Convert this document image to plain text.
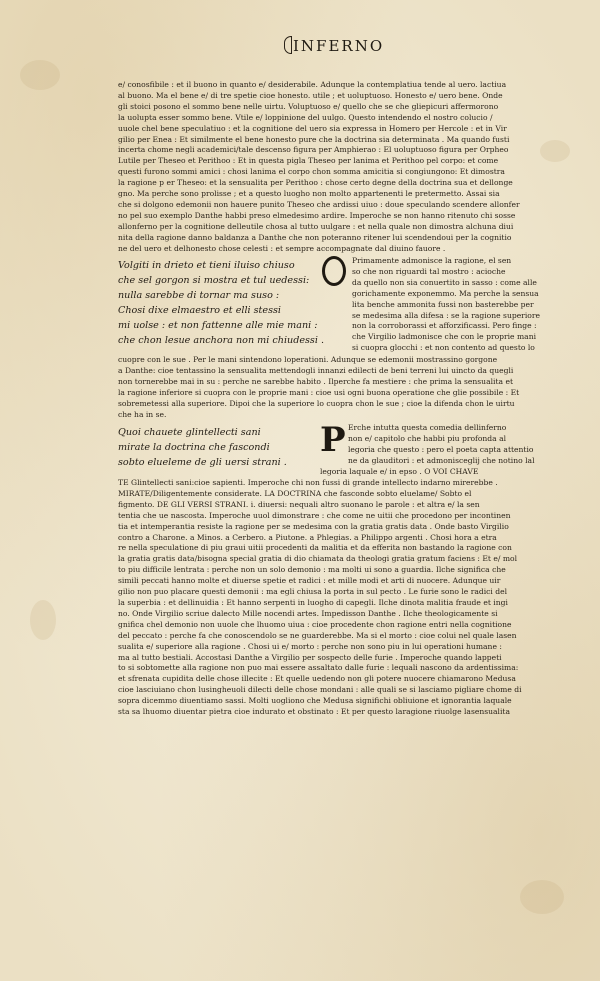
INFERNO
e/ conosfibile : et il buono in quanto e/ desiderabile. Adunque la contemplatiua tende al uero. lactiua
al buono. Ma el bene e/ di tre spetie cioe honesto. utile ; et uoluptuoso. Honesto e/ uero bene. Onde
gli stoici posono el sommo bene nelle uirtu. Voluptuoso e/ quello che se che gliepicuri affermorono
la uolupta esser sommo bene. Vtile e/ loppinione del uulgo. Questo intendendo el nostro colucio /
uuole chel bene speculatiuo : et la cognitione del uero sia expressa in Homero per Hercole : et in Vir
gilio per Enea : Et similmente el bene honesto pure che la doctrina sia determinata . Ma quando fusti
incerta chome negli academici/tale descenso figura per Amphierao : El uoluptuoso figura per Orpheo
Lutile per Theseo et Perithoo : Et in questa pigla Theseo per lanima et Perithoo pel corpo: et come
questi furono sommi amici : chosi lanima el corpo chon somma amicitia si congiungono: Et dimostra
la ragione p er Theseo: et la sensualita per Perithoo : chose certo degne della doctrina sua et dellonge
gno. Ma perche sono prolisse ; et a questo luogho non molto appartenenti le pretermetto. Assai sia
che si dolgono edemonii non hauere punito Theseo che ardissi uiuo : doue speculando scendere allonfer
no pel suo exemplo Danthe habbi preso elmedesimo ardire. Imperoche se non hanno ritenuto chi sosse
allonferno per la cognitione delleutile chosa al tutto uulgare : et nella quale non dimostra alchuna diui
nita della ragione danno baldanza a Danthe che non poteranno ritener lui scendendoui per la cognitio
ne del uero et delhonesto chose celesti : et sempre accompagnate dal diuino fauore .
Volgiti in drieto et tieni iluiso chiuso
che sel gorgon si mostra et tul uedessi:
nulla sarebbe di tornar ma suso :
Chosi dixe elmaestro et elli stessi
mi uolse : et non fattenne alle mie mani :
che chon lesue anchora non mi chiudessi .
Primamente admonisce la ragione, el sen
so che non riguardi tal mostro : acioche
da quello non sia conuertito in sasso : come alle
gorichamente exponemmo. Ma perche la sensua
lita benche ammonita fussi non basterebbe per
se medesima alla difesa : se la ragione superiore
non la corroborassi et afforzificassi. Pero finge :
che Virgilio ladmonisce che con le proprie mani
si cuopra glocchi : et non contento ad questo lo
cuopre con le sue . Per le mani sintendono loperationi. Adunque se edemonii mostrassino gorgone
a Danthe: cioe tentassino la sensualita mettendogli innanzi edilecti de beni terreni lui uincto da quegli
non tornerebbe mai in su : perche ne sarebbe habito . Ilperche fa mestiere : che prima la sensualita et
la ragione inferiore si cuopra con le proprie mani : cioe usi ogni buona operatione che glie possibile : Et
sobremetessi alla superiore. Dipoi che la superiore lo cuopra chon le sue ; cioe la difenda chon le uirtu
che ha in se.
Quoi chauete glintellecti sani
mirate la doctrina che fascondi
sobto elueleme de gli uersi strani .
P Erche intutta questa comedia dellinferno
non e/ capitolo che habbi piu profonda al
legoria che questo : pero el poeta capta attentio
ne da glauditori : et admonisceglij che notino lal
legoria laquale e/ in epso . O VOI CHAVE
TE Glintellecti sani:cioe sapienti. Imperoche chi non fussi di grande intellecto indarno mirerebbe .
MIRATE/Diligentemente considerate. LA DOCTRINA che fasconde sobto eluelame/ Sobto el
figmento. DE GLI VERSI STRANI. i. diuersi: nequali altro suonano le parole : et altra e/ la sen
tentia che ue nascosta. Imperoche uuol dimonstrare : che come ne uitii che procedono per incontinen
tia et intemperantia resiste la ragione per se medesima con la gratia gratis data . Onde basto Virgilio
contro a Charone. a Minos. a Cerbero. a Piutone. a Phlegias. a Philippo argenti . Chosi hora a etra
re nella speculatione di piu graui uitii procedenti da malitia et da efferita non bastando la ragione con
la gratia gratis data/bisogna special gratia di dio chiamata da theologi gratia gratum faciens : Et e/ mol
to piu difficile lentrata : perche non un solo demonio : ma molti ui sono a guardia. Ilche significa che
simili peccati hanno molte et diuerse spetie et radici : et mille modi et arti di nuocere. Adunque uir
gilio non puo placare questi demonii : ma egli chiusa la porta in sul pecto . Le furie sono le radici del
la superbia : et dellinuidia : Et hanno serpenti in luogho di capegli. Ilche dinota malitia fraude et ingi
no. Onde Virgilio scriue dalecto Mille nocendi artes. Impedisson Danthe . Ilche theologicamente si
gnifica chel demonio non uuole che lhuomo uiua : cioe procedente chon ragione entri nella cognitione
del peccato : perche fa che conoscendolo se ne guarderebbe. Ma si el morto : cioe colui nel quale lasen
sualita e/ superiore alla ragione . Chosi ui e/ morto : perche non sono piu in lui operationi humane :
ma al tutto bestiali. Accostasi Danthe a Virgilio per sospecto delle furie . Imperoche quando lappeti
to si sobtomette alla ragione non puo mai essere assaltato dalle furie : lequali nascono da ardentissima:
et sfrenata cupidita delle chose illecite : Et quelle uedendo non gli potere nuocere chiamarono Medusa
cioe lasciuiano chon lusingheuoli dilecti delle chose mondani : alle quali se si lasciamo pigliare chome di
sopra dicemmo diuentiamo sassi. Molti uogliono che Medusa significhi obliuione et ignorantia laquale
sta sa lhuomo diuentar pietra cioe indurato et obstinato : Et per questo laragione riuolge lasensualita
